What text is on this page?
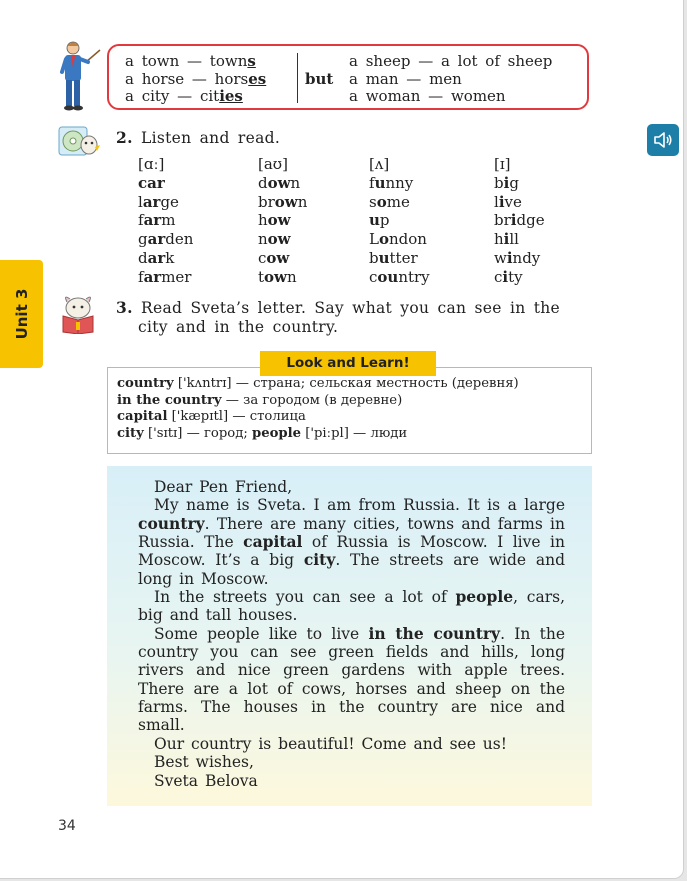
a town — towns
a horse — horses
a city — cities
but
a sheep — a lot of sheep
a man — men
a woman — women
2. Listen and read.
[ɑː]
car
large
farm
garden
dark
farmer
[aʊ]
down
brown
how
now
cow
town
[ʌ]
funny
some
up
London
butter
country
[ɪ]
big
live
bridge
hill
windy
city
Unit 3	3. Read Sveta’s letter. Say what you can see in the
city and in the country.
country ['kʌntrɪ] — страна; сельская местность (деревня)
in the country — за городом (в деревне)
capital ['kæpɪtl] — столица
city ['sɪtɪ] — город; people ['piːpl] — люди
Look and Learn!
Dear Pen Friend,
My name is Sveta. I am from Russia. It is a large country. There are many cities, towns and farms in Russia. The capital of Russia is Moscow. I live in Moscow. It’s a big city. The streets are wide and long in Moscow.
In the streets you can see a lot of people, cars, big and tall houses.
Some people like to live in the country. In the country you can see green fields and hills, long rivers and nice green gardens with apple trees. There are a lot of cows, horses and sheep on the farms. The houses in the country are nice and small.
Our country is beautiful! Come and see us!
Best wishes,
Sveta Belova
34
